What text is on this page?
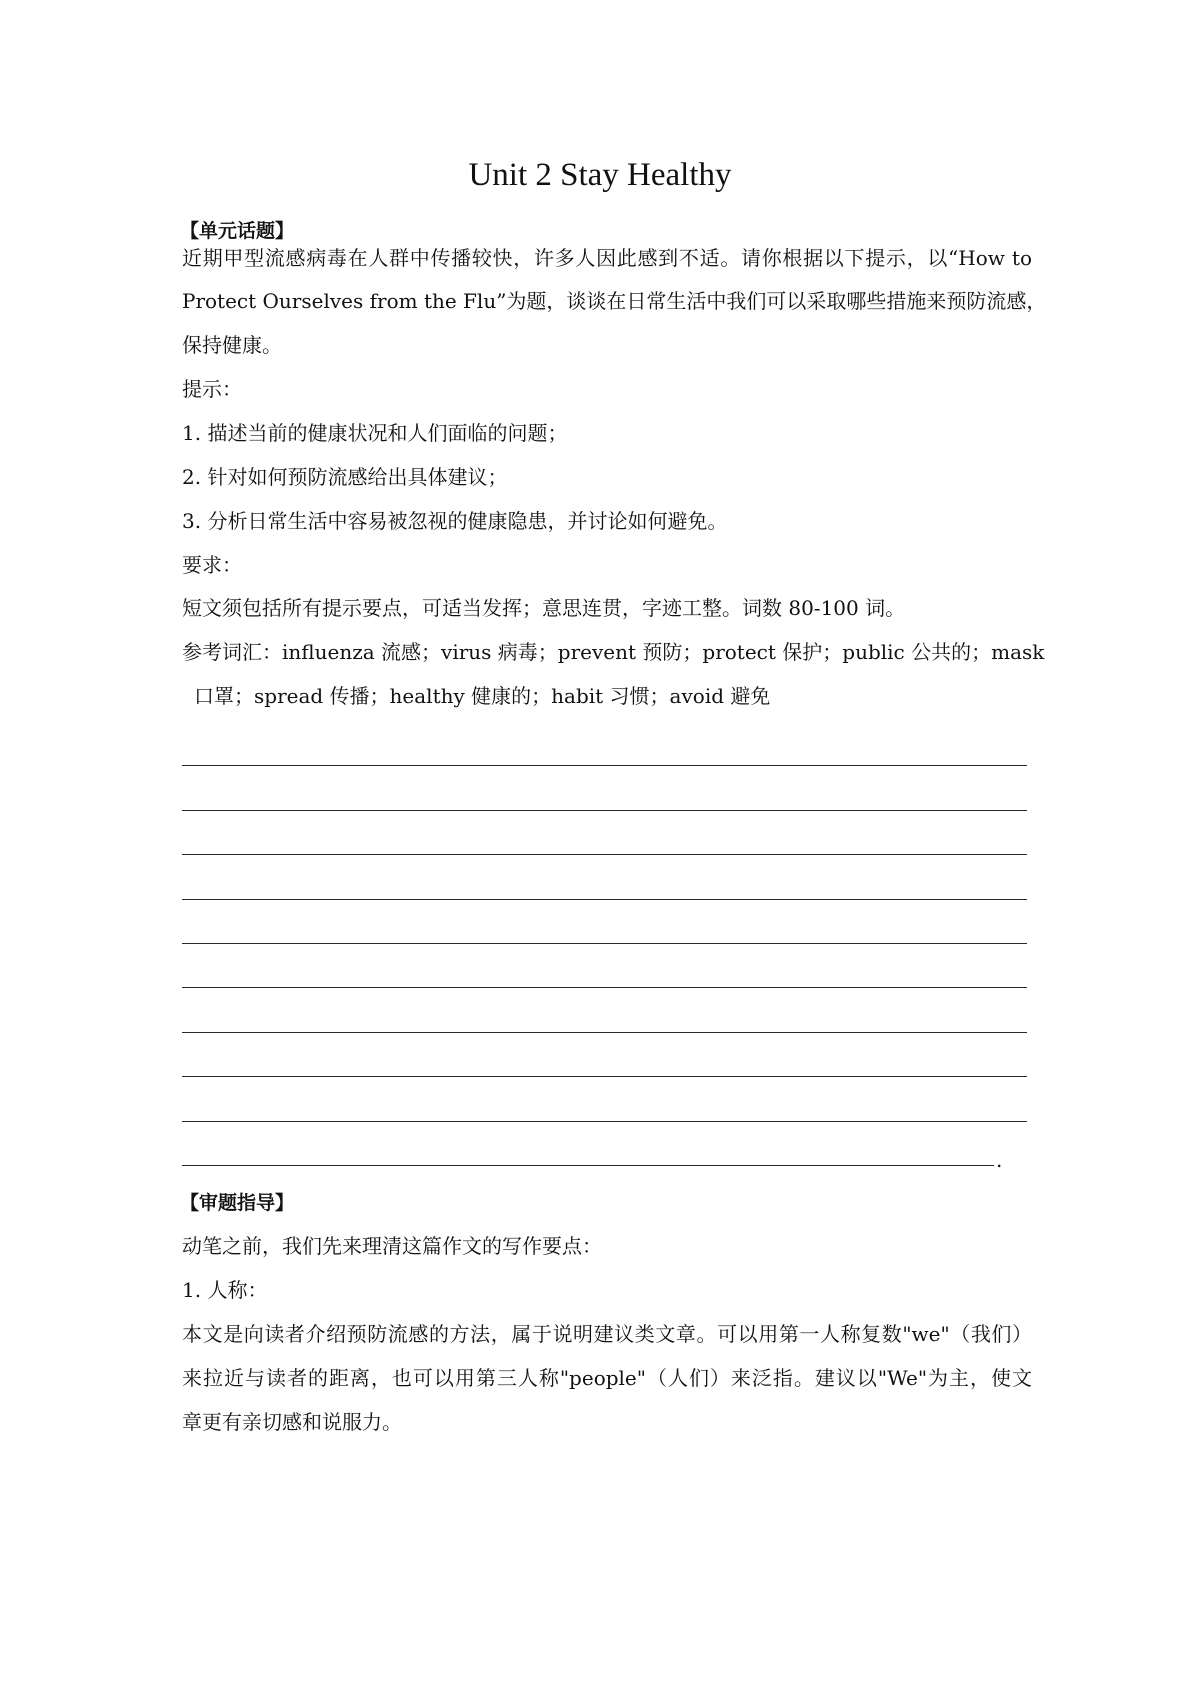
Unit 2 Stay Healthy
【单元话题】
近期甲型流感病毒在人群中传播较快，许多人因此感到不适。请你根据以下提示，以“How to
Protect Ourselves from the Flu”为题，谈谈在日常生活中我们可以采取哪些措施来预防流感，
保持健康。
提示：
1. 描述当前的健康状况和人们面临的问题；
2. 针对如何预防流感给出具体建议；
3. 分析日常生活中容易被忽视的健康隐患，并讨论如何避免。
要求：
短文须包括所有提示要点，可适当发挥；意思连贯，字迹工整。词数 80-100 词。
参考词汇：influenza 流感；virus 病毒；prevent 预防；protect 保护；public 公共的；mask
口罩；spread 传播；healthy 健康的；habit 习惯；avoid 避免
.
【审题指导】
动笔之前，我们先来理清这篇作文的写作要点：
1. 人称：
本文是向读者介绍预防流感的方法，属于说明建议类文章。可以用第一人称复数"we"（我们）
来拉近与读者的距离，也可以用第三人称"people"（人们）来泛指。建议以"We"为主，使文
章更有亲切感和说服力。
